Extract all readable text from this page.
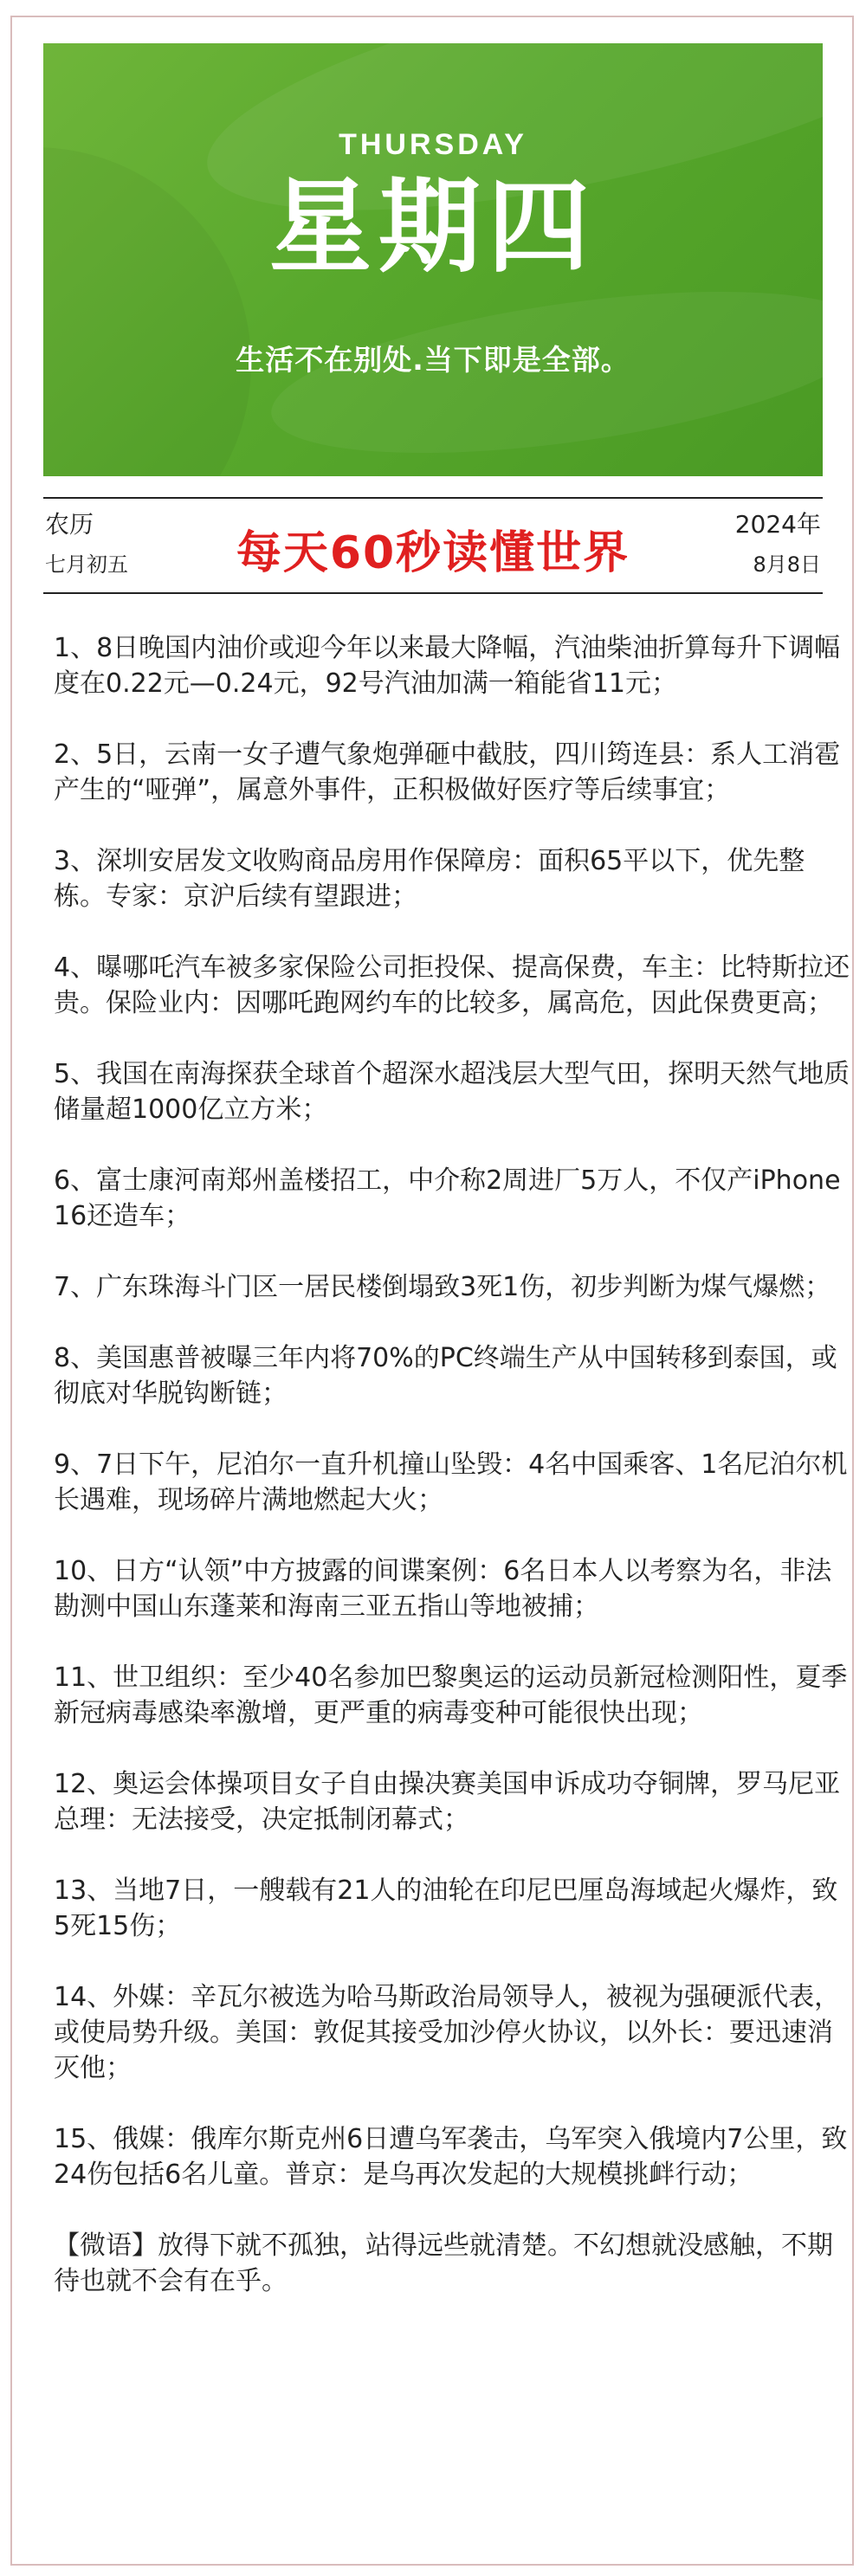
THURSDAY
星期四
生活不在别处.当下即是全部。
农历
七月初五	每天60秒读懂世界
2024年
8月8日
1、8日晚国内油价或迎今年以来最大降幅，汽油柴油折算每升下调幅度在0.22元—0.24元，92号汽油加满一箱能省11元；
2、5日，云南一女子遭气象炮弹砸中截肢，四川筠连县：系人工消雹产生的“哑弹”，属意外事件，正积极做好医疗等后续事宜；
3、深圳安居发文收购商品房用作保障房：面积65平以下，优先整栋。专家：京沪后续有望跟进；
4、曝哪吒汽车被多家保险公司拒投保、提高保费，车主：比特斯拉还贵。保险业内：因哪吒跑网约车的比较多，属高危，因此保费更高；
5、我国在南海探获全球首个超深水超浅层大型气田，探明天然气地质储量超1000亿立方米；
6、富士康河南郑州盖楼招工，中介称2周进厂5万人，不仅产iPhone16还造车；
7、广东珠海斗门区一居民楼倒塌致3死1伤，初步判断为煤气爆燃；
8、美国惠普被曝三年内将70%的PC终端生产从中国转移到泰国，或彻底对华脱钩断链；
9、7日下午，尼泊尔一直升机撞山坠毁：4名中国乘客、1名尼泊尔机长遇难，现场碎片满地燃起大火；
10、日方“认领”中方披露的间谍案例：6名日本人以考察为名，非法勘测中国山东蓬莱和海南三亚五指山等地被捕；
11、世卫组织：至少40名参加巴黎奥运的运动员新冠检测阳性，夏季新冠病毒感染率激增，更严重的病毒变种可能很快出现；
12、奥运会体操项目女子自由操决赛美国申诉成功夺铜牌，罗马尼亚总理：无法接受，决定抵制闭幕式；
13、当地7日，一艘载有21人的油轮在印尼巴厘岛海域起火爆炸，致5死15伤；
14、外媒：辛瓦尔被选为哈马斯政治局领导人，被视为强硬派代表，或使局势升级。美国：敦促其接受加沙停火协议，以外长：要迅速消灭他；
15、俄媒：俄库尔斯克州6日遭乌军袭击，乌军突入俄境内7公里，致24伤包括6名儿童。普京：是乌再次发起的大规模挑衅行动；
【微语】放得下就不孤独，站得远些就清楚。不幻想就没感触，不期待也就不会有在乎。
